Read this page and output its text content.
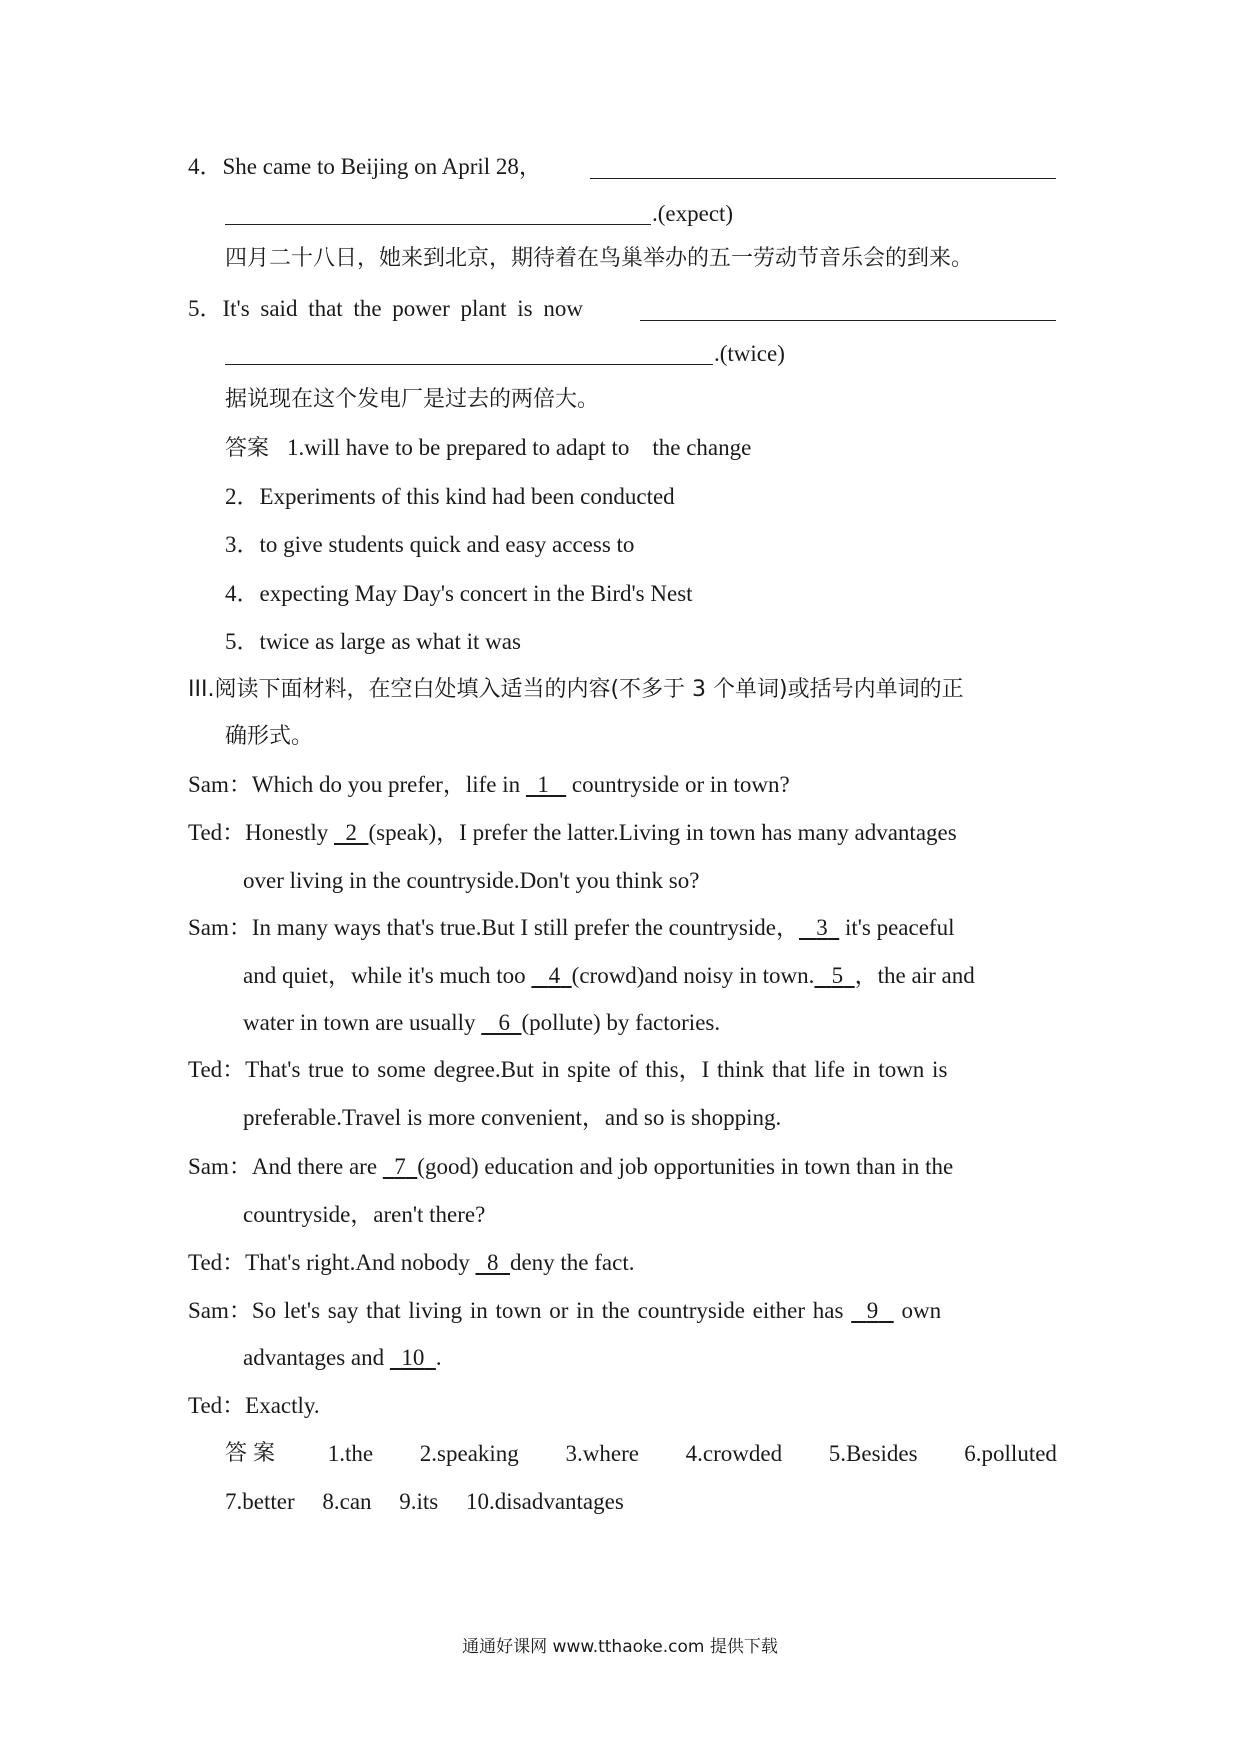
4．She came to Beijing on April 28，
.(expect)
四月二十八日，她来到北京，期待着在鸟巢举办的五一劳动节音乐会的到来。
5．It's said that the power plant is now
.(twice)
据说现在这个发电厂是过去的两倍大。
答案 1.will have to be prepared to adapt to　the change
2．Experiments of this kind had been conducted
3．to give students quick and easy access to
4．expecting May Day's concert in the Bird's Nest
5．twice as large as what it was
III.阅读下面材料，在空白处填入适当的内容(不多于 3 个单词)或括号内单词的正
确形式。
Sam：Which do you prefer，life in   1    countryside or in town?
Ted：Honestly   2 (speak)，I prefer the latter.Living in town has many advantages
over living in the countryside.Don't you think so?
Sam：In many ways that's true.But I still prefer the countryside， 3   it's peaceful
and quiet，while it's much too    4 (crowd)and noisy in town. 5 ，the air and
water in town are usually    6 (pollute) by factories.
Ted：That's true to some degree.But in spite of this，I think that life in town is
preferable.Travel is more convenient，and so is shopping.
Sam：And there are   7 (good) education and job opportunities in town than in the
countryside，aren't there?
Ted：That's right.And nobody   8 deny the fact.
Sam：So let's say that living in town or in the countryside either has   9   own
advantages and   10 .
Ted：Exactly.
答案 1.the 2.speaking 3.where 4.crowded 5.Besides 6.polluted
7.better 8.can 9.its 10.disadvantages
通通好课网 www.tthaoke.com 提供下载
